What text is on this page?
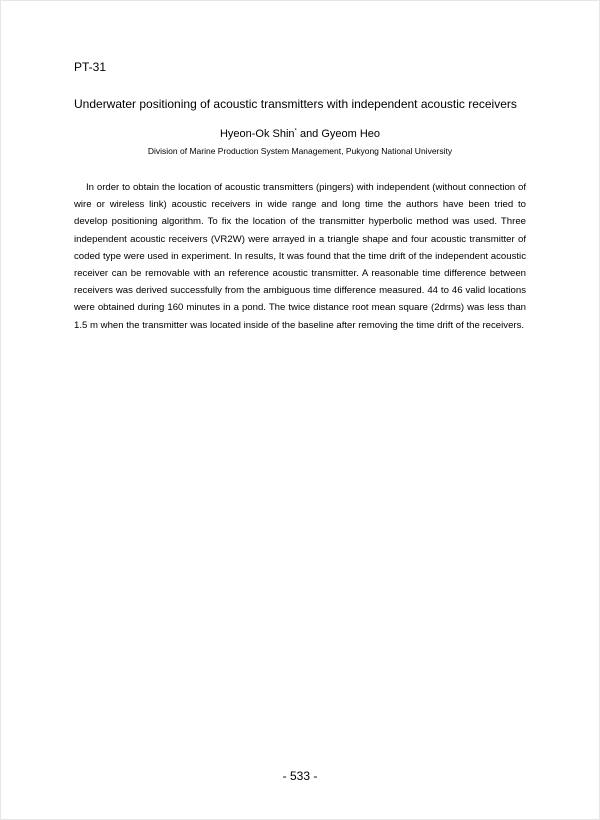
PT-31
Underwater positioning of acoustic transmitters with independent acoustic receivers
Hyeon-Ok Shin* and Gyeom Heo
Division of Marine Production System Management, Pukyong National University

In order to obtain the location of acoustic transmitters (pingers) with independent (without connection of wire or wireless link) acoustic receivers in wide range and long time the authors have been tried to develop positioning algorithm. To fix the location of the transmitter hyperbolic method was used. Three independent acoustic receivers (VR2W) were arrayed in a triangle shape and four acoustic transmitter of coded type were used in experiment. In results, It was found that the time drift of the independent acoustic receiver can be removable with an reference acoustic transmitter. A reasonable time difference between receivers was derived successfully from the ambiguous time difference measured. 44 to 46 valid locations were obtained during 160 minutes in a pond. The twice distance root mean square (2drms) was less than 1.5 m when the transmitter was located inside of the baseline after removing the time drift of the receivers.

- 533 -
